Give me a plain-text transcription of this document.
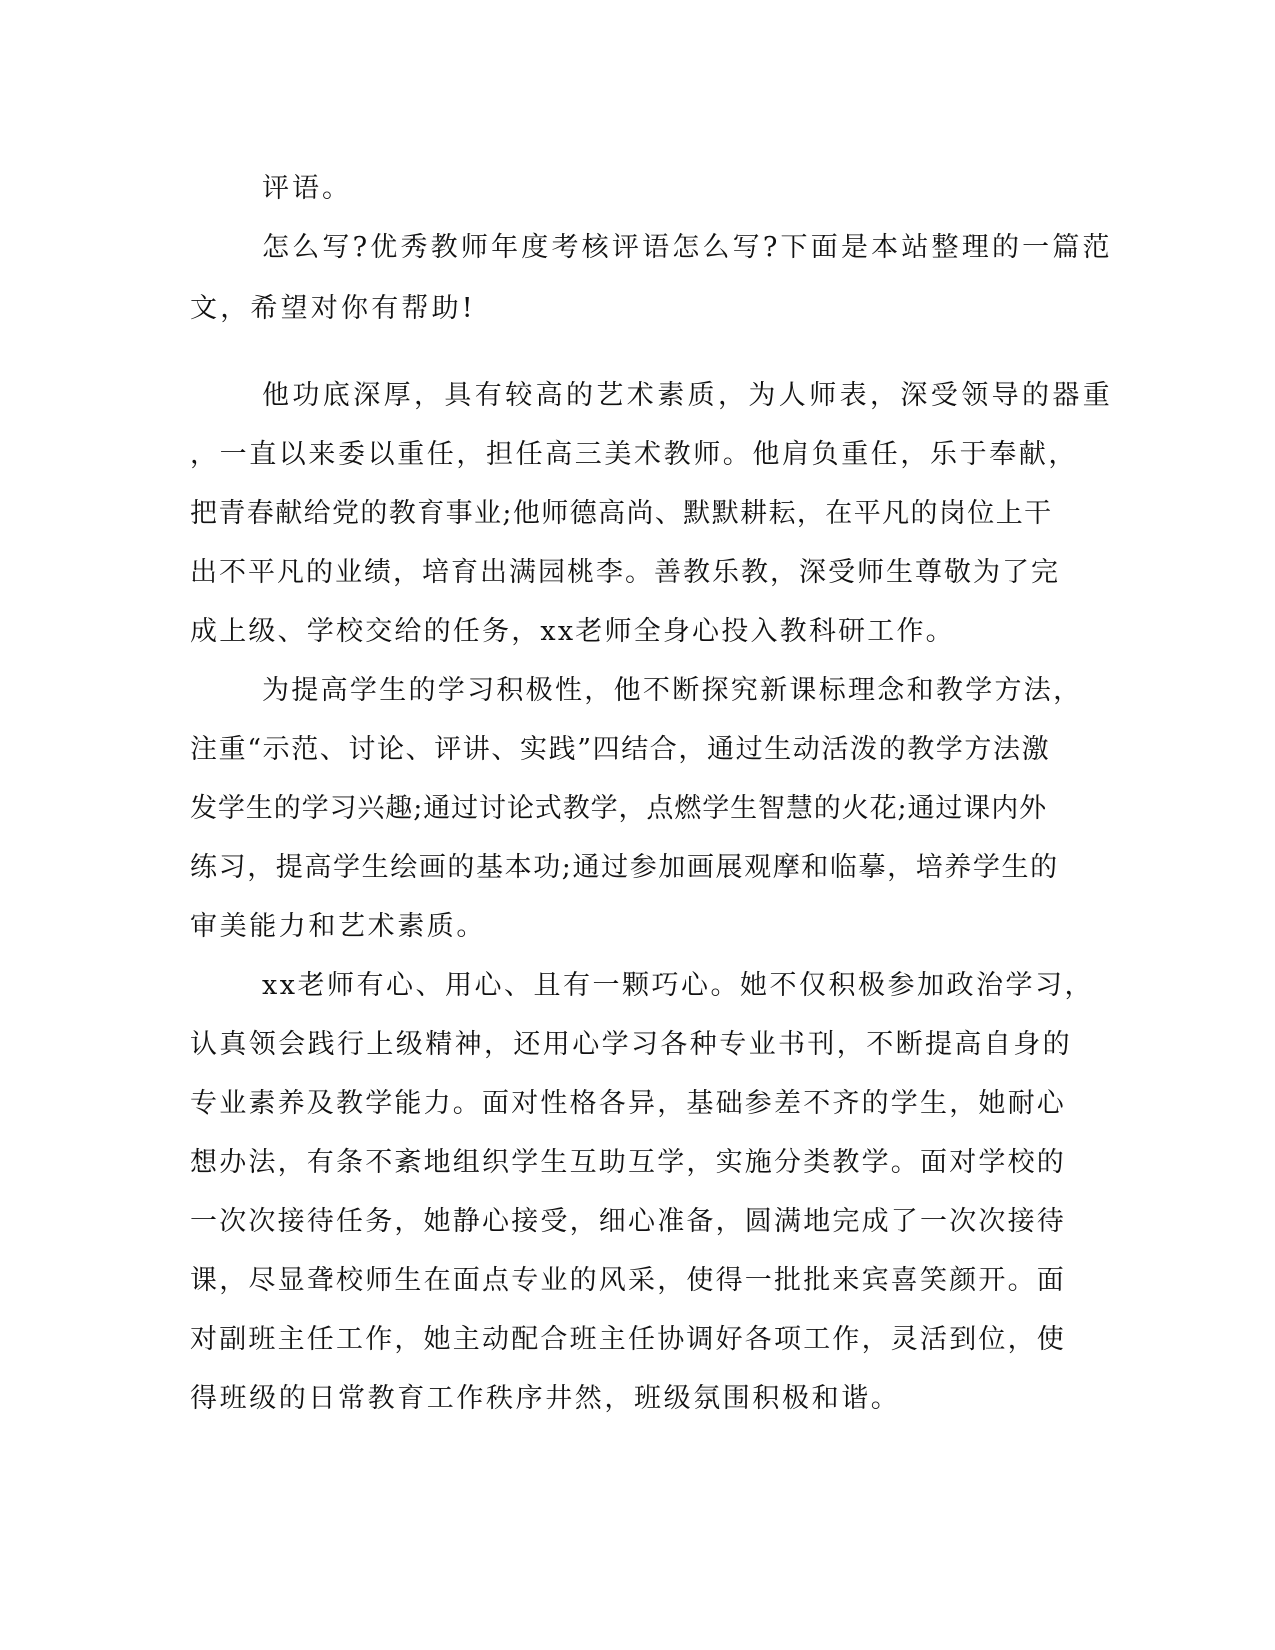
评语。
怎么写?优秀教师年度考核评语怎么写?下面是本站整理的一篇范
文，希望对你有帮助!
他功底深厚，具有较高的艺术素质，为人师表，深受领导的器重
，一直以来委以重任，担任高三美术教师。他肩负重任，乐于奉献，
把青春献给党的教育事业;他师德高尚、默默耕耘，在平凡的岗位上干
出不平凡的业绩，培育出满园桃李。善教乐教，深受师生尊敬为了完
成上级、学校交给的任务，xx老师全身心投入教科研工作。
为提高学生的学习积极性，他不断探究新课标理念和教学方法，
注重“示范、讨论、评讲、实践”四结合，通过生动活泼的教学方法激
发学生的学习兴趣;通过讨论式教学，点燃学生智慧的火花;通过课内外
练习，提高学生绘画的基本功;通过参加画展观摩和临摹，培养学生的
审美能力和艺术素质。
xx老师有心、用心、且有一颗巧心。她不仅积极参加政治学习，
认真领会践行上级精神，还用心学习各种专业书刊，不断提高自身的
专业素养及教学能力。面对性格各异，基础参差不齐的学生，她耐心
想办法，有条不紊地组织学生互助互学，实施分类教学。面对学校的
一次次接待任务，她静心接受，细心准备，圆满地完成了一次次接待
课，尽显聋校师生在面点专业的风采，使得一批批来宾喜笑颜开。面
对副班主任工作，她主动配合班主任协调好各项工作，灵活到位，使
得班级的日常教育工作秩序井然，班级氛围积极和谐。
